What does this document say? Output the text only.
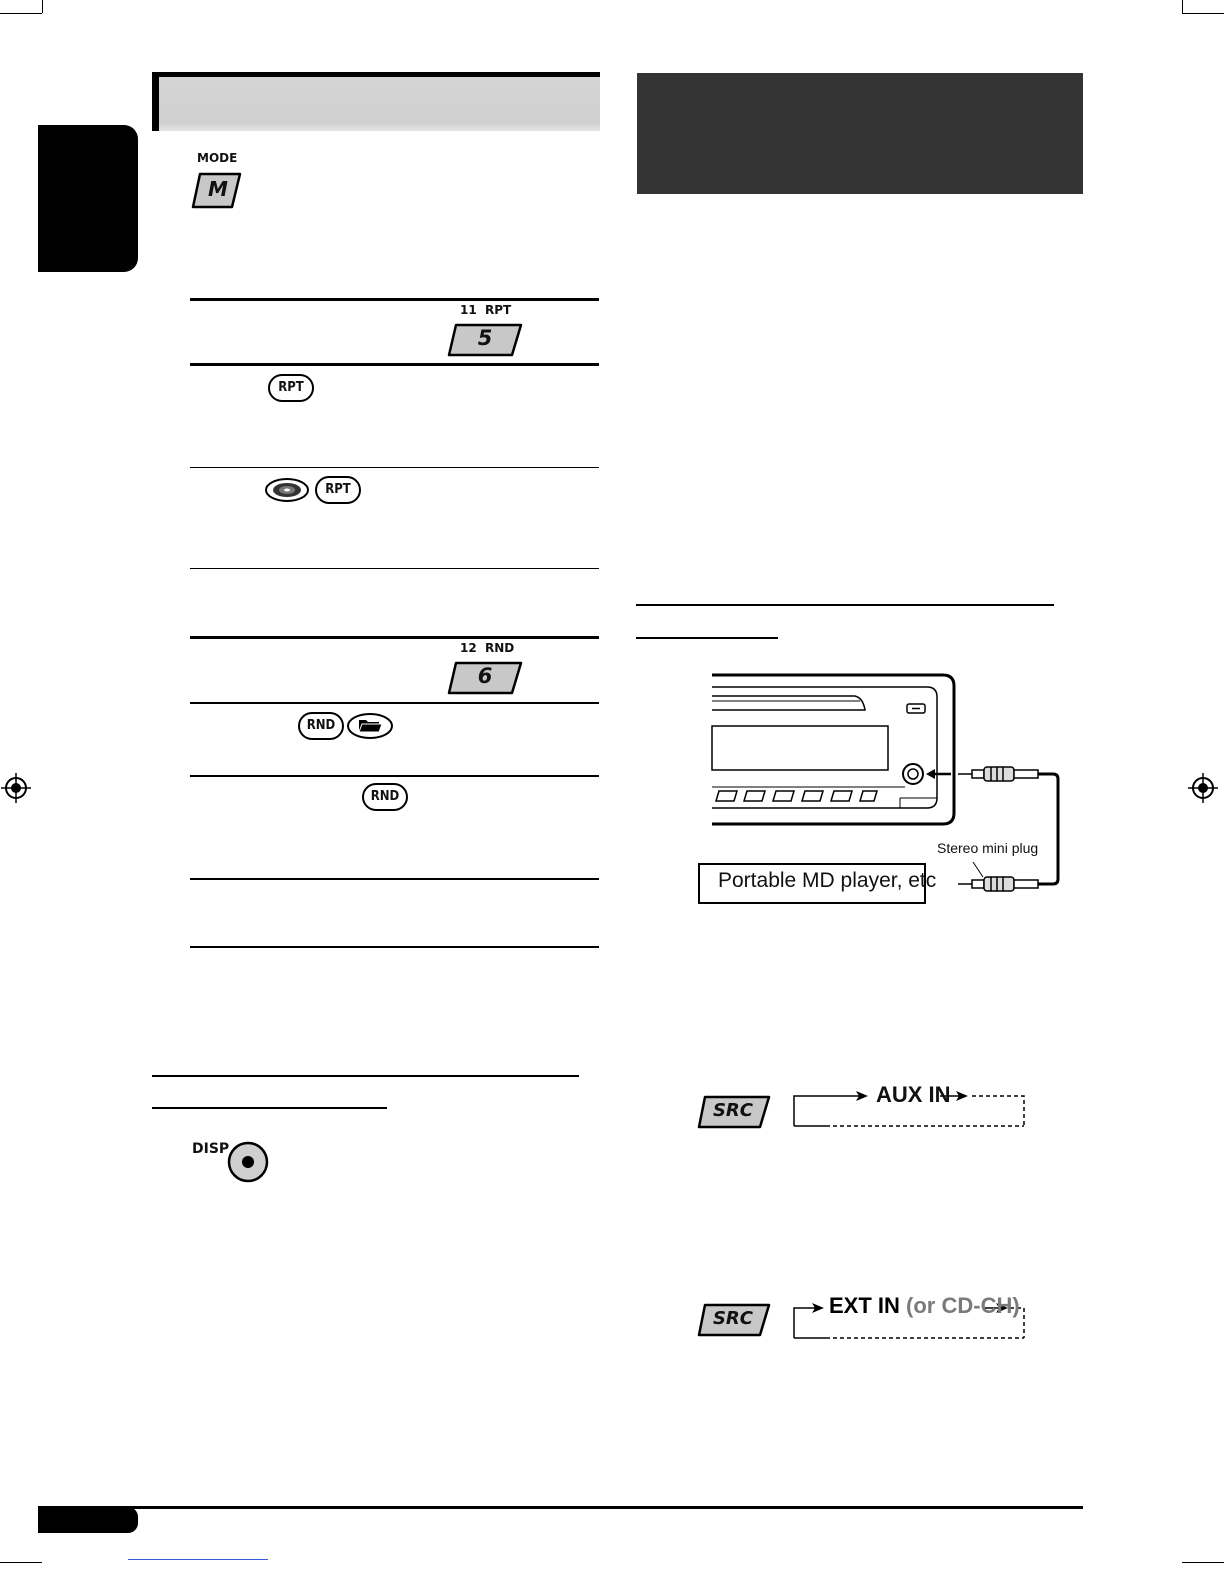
MODE
M
11 RPT
5
RPT
RPT
12 RND
6
RND
RND
DISP
Portable MD player, etc
Stereo mini plug
SRC
AUX IN
SRC
EXT IN (or CD-CH)
